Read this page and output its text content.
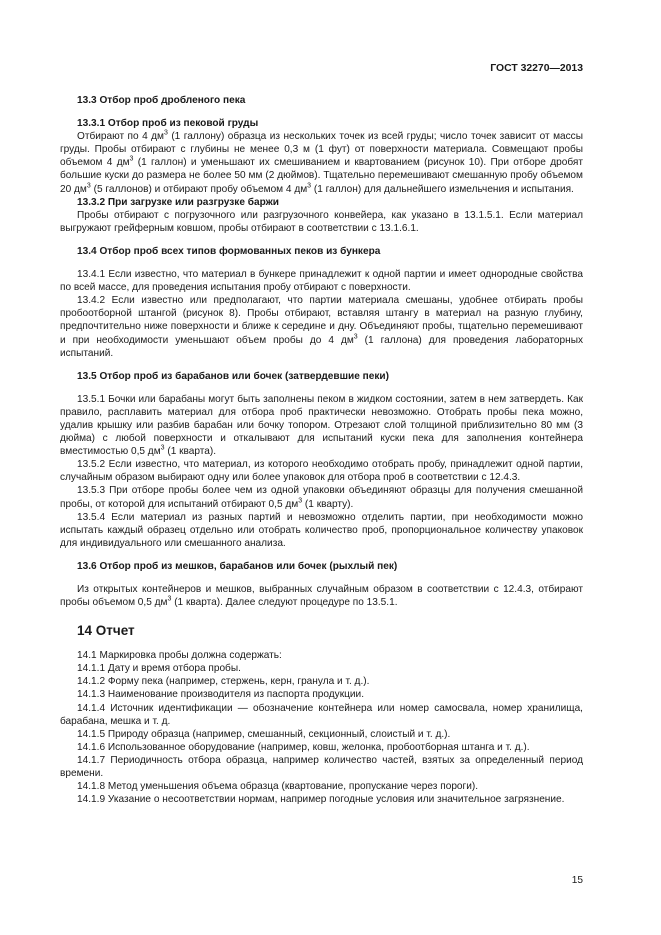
ГОСТ 32270—2013
13.3 Отбор проб дробленого пека
13.3.1 Отбор проб из пековой груды

Отбирают по 4 $дм^3$ (1 галлону) образца из нескольких точек из всей груды; число точек зависит от массы груды. Пробы отбирают с глубины не менее 0,3 м (1 фут) от поверхности материала. Совмещают пробы объемом 4 $дм^3$ (1 галлон) и уменьшают их смешиванием и квартованием (рисунок 10). При отборе дробят большие куски до размера не более 50 мм (2 дюймов). Тщательно перемешивают смешанную пробу объемом 20 $дм^3$ (5 галлонов) и отбирают пробу объемом 4 $дм^3$ (1 галлон) для дальнейшего измельчения и испытания.

13.3.2 При загрузке или разгрузке баржи

Пробы отбирают с погрузочного или разгрузочного конвейера, как указано в 13.1.5.1. Если материал выгружают грейферным ковшом, пробы отбирают в соответствии с 13.1.6.1.

13.4 Отбор проб всех типов формованных пеков из бункера

13.4.1 Если известно, что материал в бункере принадлежит к одной партии и имеет однородные свойства по всей массе, для проведения испытания пробу отбирают с поверхности.

13.4.2 Если известно или предполагают, что партии материала смешаны, удобнее отбирать пробы пробоотборной штангой (рисунок 8). Пробы отбирают, вставляя штангу в материал на разную глубину, предпочтительно ниже поверхности и ближе к середине и дну. Объединяют пробы, тщательно перемешивают и при необходимости уменьшают объем пробы до 4 $дм^3$ (1 галлона) для проведения лабораторных испытаний.

13.5 Отбор проб из барабанов или бочек (затвердевшие пеки)

13.5.1 Бочки или барабаны могут быть заполнены пеком в жидком состоянии, затем в нем затвердеть. Как правило, расплавить материал для отбора проб практически невозможно. Отобрать пробы пека можно, удалив крышку или разбив барабан или бочку топором. Отрезают слой толщиной приблизительно 80 мм (3 дюйма) с любой поверхности и откалывают для испытаний куски пека для заполнения контейнера вместимостью 0,5 $дм^3$ (1 кварта).

13.5.2 Если известно, что материал, из которого необходимо отобрать пробу, принадлежит одной партии, случайным образом выбирают одну или более упаковок для отбора проб в соответствии с 12.4.3.

13.5.3 При отборе пробы более чем из одной упаковки объединяют образцы для получения смешанной пробы, от которой для испытаний отбирают 0,5 $дм^3$ (1 кварту).

13.5.4 Если материал из разных партий и невозможно отделить партии, при необходимости можно испытать каждый образец отдельно или отобрать количество проб, пропорциональное количеству упаковок для индивидуального или смешанного анализа.

13.6 Отбор проб из мешков, барабанов или бочек (рыхлый пек)

Из открытых контейнеров и мешков, выбранных случайным образом в соответствии с 12.4.3, отбирают пробы объемом 0,5 $дм^3$ (1 кварта). Далее следуют процедуре по 13.5.1.

14 Отчет

14.1 Маркировка пробы должна содержать:

14.1.1 Дату и время отбора пробы.

14.1.2 Форму пека (например, стержень, керн, гранула и т. д.).

14.1.3 Наименование производителя из паспорта продукции.

14.1.4 Источник идентификации — обозначение контейнера или номер самосвала, номер хранилища, барабана, мешка и т. д.

14.1.5 Природу образца (например, смешанный, секционный, слоистый и т. д.).

14.1.6 Использованное оборудование (например, ковш, желонка, пробоотборная штанга и т. д.).

14.1.7 Периодичность отбора образца, например количество частей, взятых за определенный период времени.

14.1.8 Метод уменьшения объема образца (квартование, пропускание через пороги).

14.1.9 Указание о несоответствии нормам, например погодные условия или значительное загрязнение.

15
